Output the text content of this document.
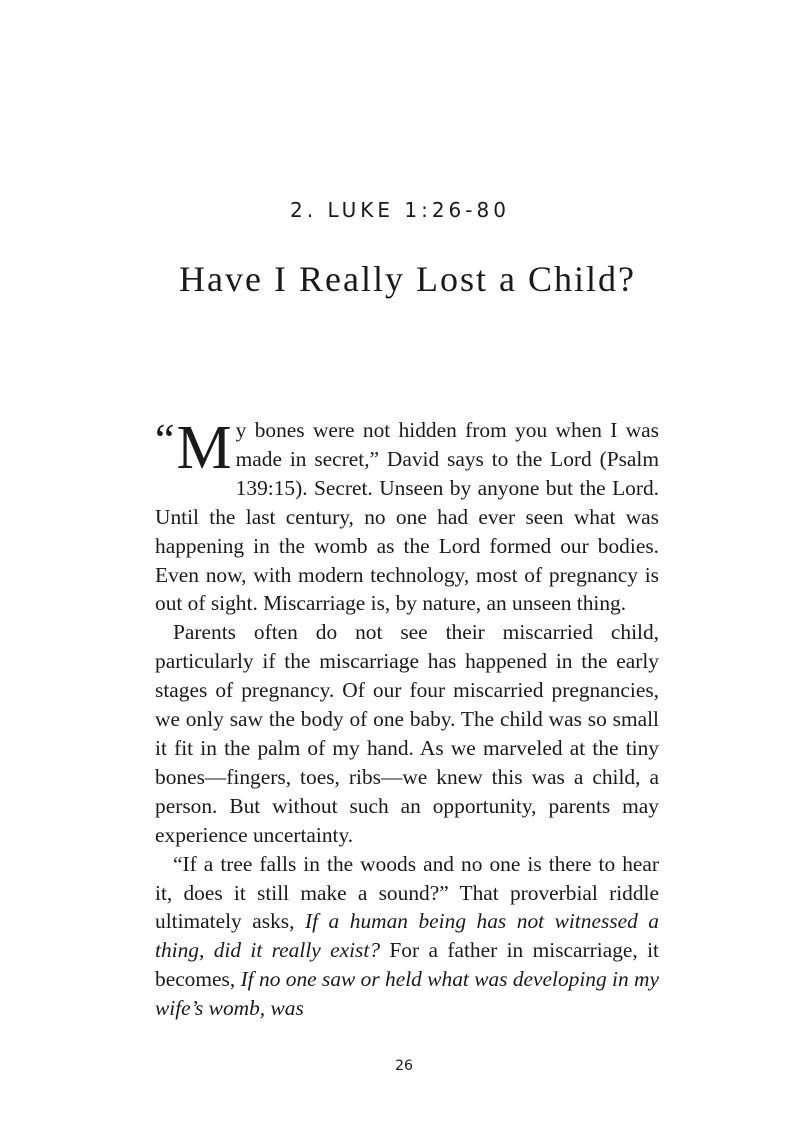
2. LUKE 1:26-80
Have I Really Lost a Child?

“ M y bones were not hidden from you when I was made in secret,” David says to the Lord (Psalm 139:15). Secret. Unseen by anyone but the Lord. Until the last century, no one had ever seen what was happening in the womb as the Lord formed our bodies. Even now, with modern technology, most of pregnancy is out of sight. Miscarriage is, by nature, an unseen thing.

Parents often do not see their miscarried child, particularly if the miscarriage has happened in the early stages of pregnancy. Of our four miscarried pregnancies, we only saw the body of one baby. The child was so small it fit in the palm of my hand. As we marveled at the tiny bones—fingers, toes, ribs—we knew this was a child, a person. But without such an opportunity, parents may experience uncertainty.

“If a tree falls in the woods and no one is there to hear it, does it still make a sound?” That proverbial riddle ultimately asks, If a human being has not witnessed a thing, did it really exist? For a father in miscarriage, it becomes, If no one saw or held what was developing in my wife’s womb, was

26
